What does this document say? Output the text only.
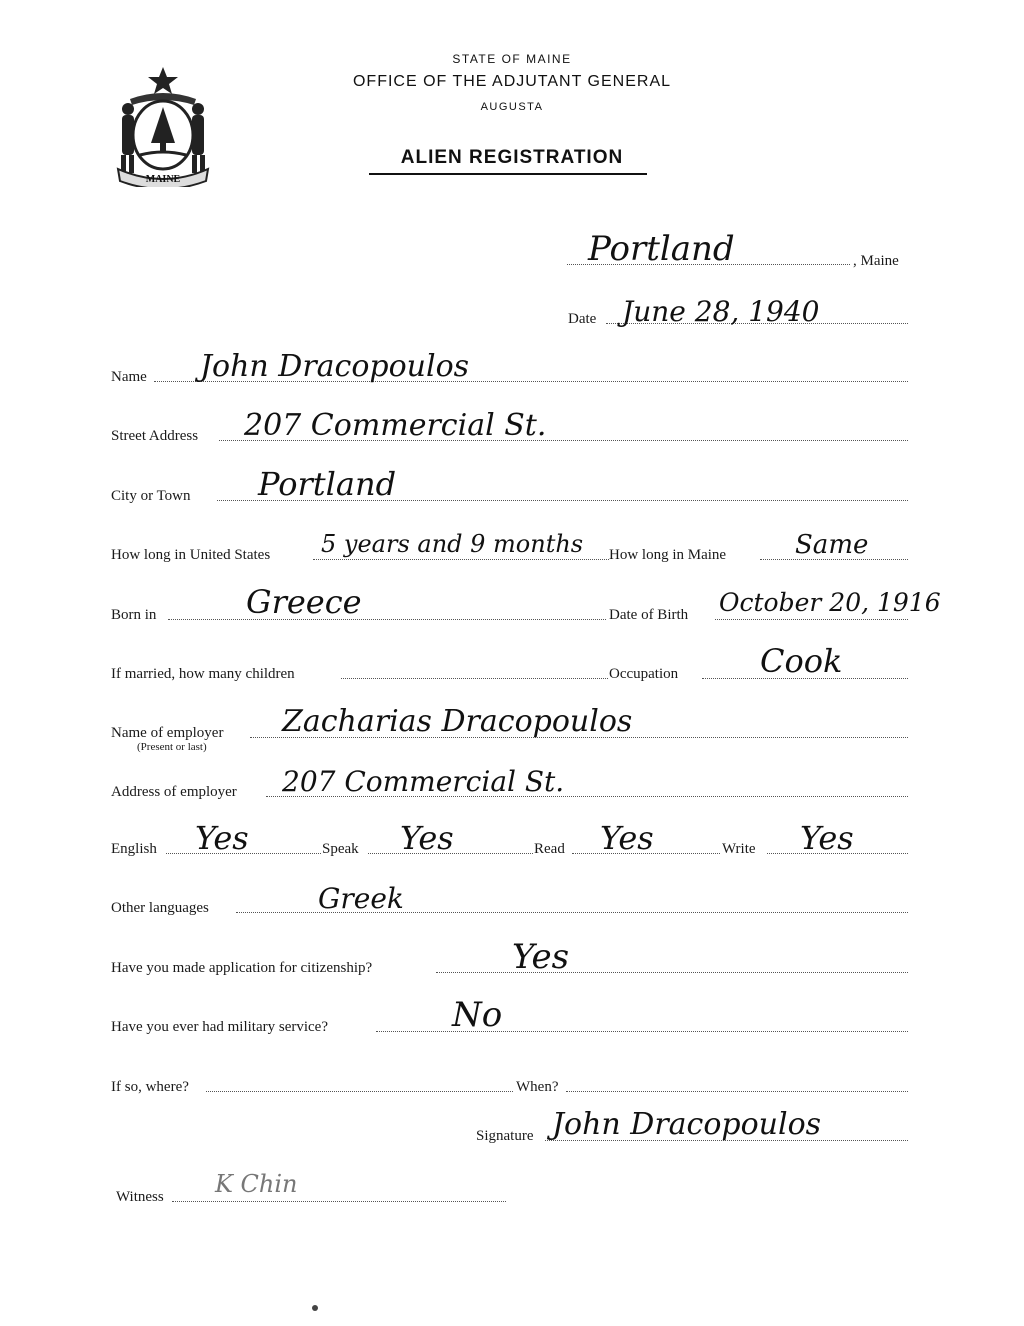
MAINE
STATE OF MAINE
OFFICE OF THE ADJUTANT GENERAL
AUGUSTA
ALIEN REGISTRATION
Portland	, Maine
Date June 28, 1940
Name John Dracopoulos
Street Address 207 Commercial St.
City or Town Portland
How long in United States 5 years and 9 months How long in Maine	Same
Born in	Greece	Date of Birth October 20, 1916
If married, how many children	Occupation	Cook
Name of employer
(Present or last)
Zacharias Dracopoulos
Address of employer 207 Commercial St.
English Yes	Speak Yes	Read Yes	Write Yes
Other languages	Greek
Have you made application for citizenship?	Yes
Have you ever had military service?	No
If so, where?	When?
Signature John Dracopoulos
Witness K Chin
